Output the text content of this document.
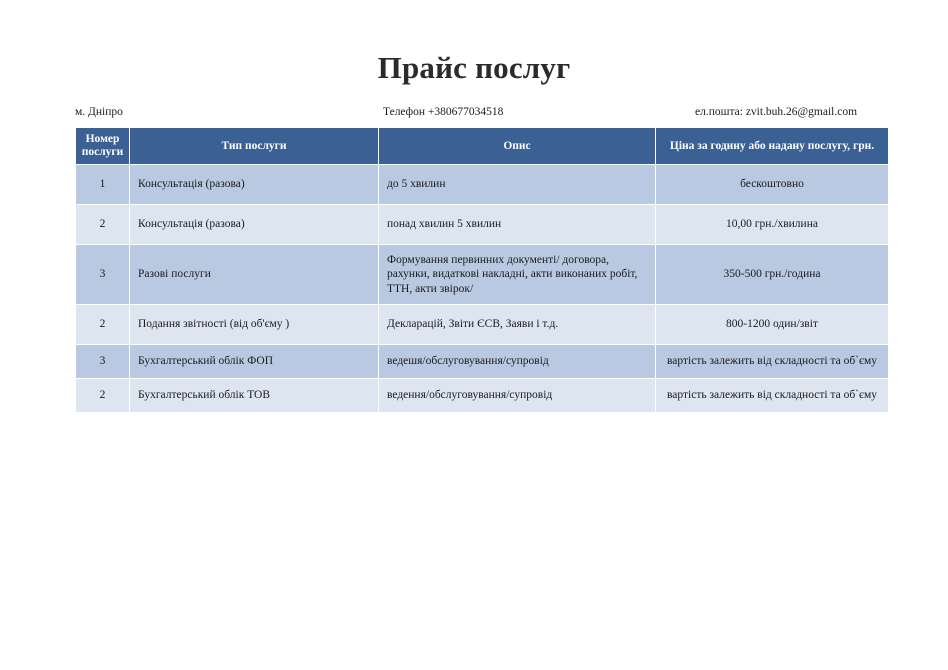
Прайс послуг
м. Дніпро	Телефон +380677034518	ел.пошта: zvit.buh.26@gmail.com
Номер послуги	Тип послуги	Опис	Ціна за годину або надану послугу, грн.
1	Консультація (разова)	до 5 хвилин	бескоштовно
2	Консультація (разова)	понад хвилин 5 хвилин	10,00 грн./хвилина
3	Разові послуги	Формування первинних документі/ договора, рахунки, видаткові накладні, акти виконаних робіт, ТТН, акти звірок/	350-500 грн./година
2	Подання звітності (від об'єму )	Декларацій, Звіти ЄСВ, Заяви і т.д.	800-1200 один/звіт
3	Бухгалтерський облік ФОП	ведешя/обслуговування/супровід	вартість залежить від складності та об`єму
2	Бухгалтерський облік ТОВ	ведення/обслуговування/супровід	вартість залежить від складності та об`єму
